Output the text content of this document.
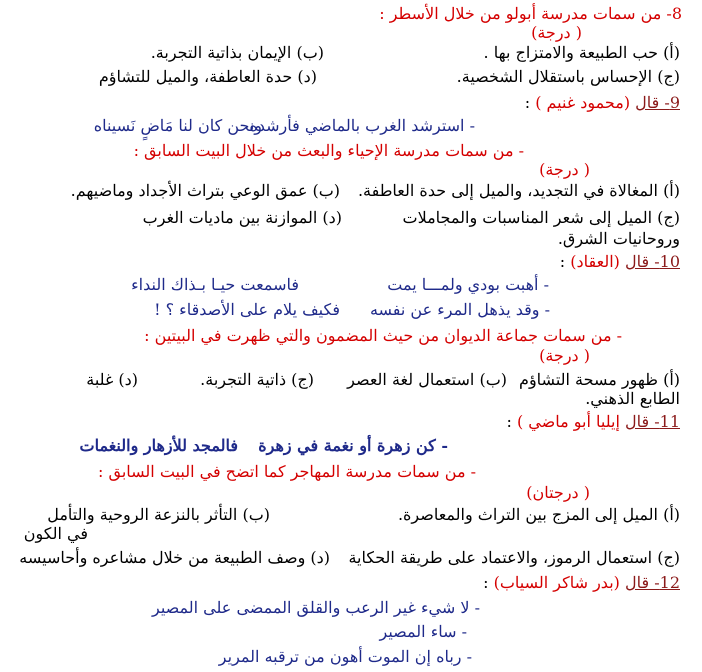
8- من سمات مدرسة أبولو من خلال الأسطر :
( درجة)
(أ) حب الطبيعة والامتزاج بها .
(ب) الإيمان بذاتية التجربة.
(ج) الإحساس باستقلال الشخصية.
(د) حدة العاطفة، والميل للتشاؤم
9- قال (محمود غنيم ) :
- استرشد الغرب بالماضي فأرشده
ونحن كان لنا مَاضٍ نَسيناه
- من سمات مدرسة الإحياء والبعث من خلال البيت السابق :
( درجة)
(أ) المغالاة في التجديد، والميل إلى حدة العاطفة.
(ب) عمق الوعي بتراث الأجداد وماضيهم.
(ج) الميل إلى شعر المناسبات والمجاملات
(د) الموازنة بين ماديات الغرب
وروحانيات الشرق.
10- قال (العقاد) :
- أهبت بودي ولمـــا يمت
فاسمعت حيـا بـذاك النداء
- وقد يذهل المرء عن نفسه
فكيف يلام على الأصدقاء ؟ !
- من سمات جماعة الديوان من حيث المضمون والتي ظهرت في البيتين :
( درجة)
(أ) ظهور مسحة التشاؤم
(ب) استعمال لغة العصر
(ج) ذاتية التجربة.
(د) غلبة
الطابع الذهني.
11- قال إيليا أبو ماضي ) :
- كن زهرة أو نغمة في زهرة
فالمجد للأزهار والنغمات
- من سمات مدرسة المهاجر كما اتضح في البيت السابق :
( درجتان)
(أ) الميل إلى المزج بين التراث والمعاصرة.
(ب) التأثر بالنزعة الروحية والتأمل
في الكون
(ج) استعمال الرموز، والاعتماد على طريقة الحكاية
(د) وصف الطبيعة من خلال مشاعره وأحاسيسه
12- قال (بدر شاكر السياب) :
- لا شيء غير الرعب والقلق الممضى على المصير
- ساء المصير
- رباه إن الموت أهون من ترقبه المرير
